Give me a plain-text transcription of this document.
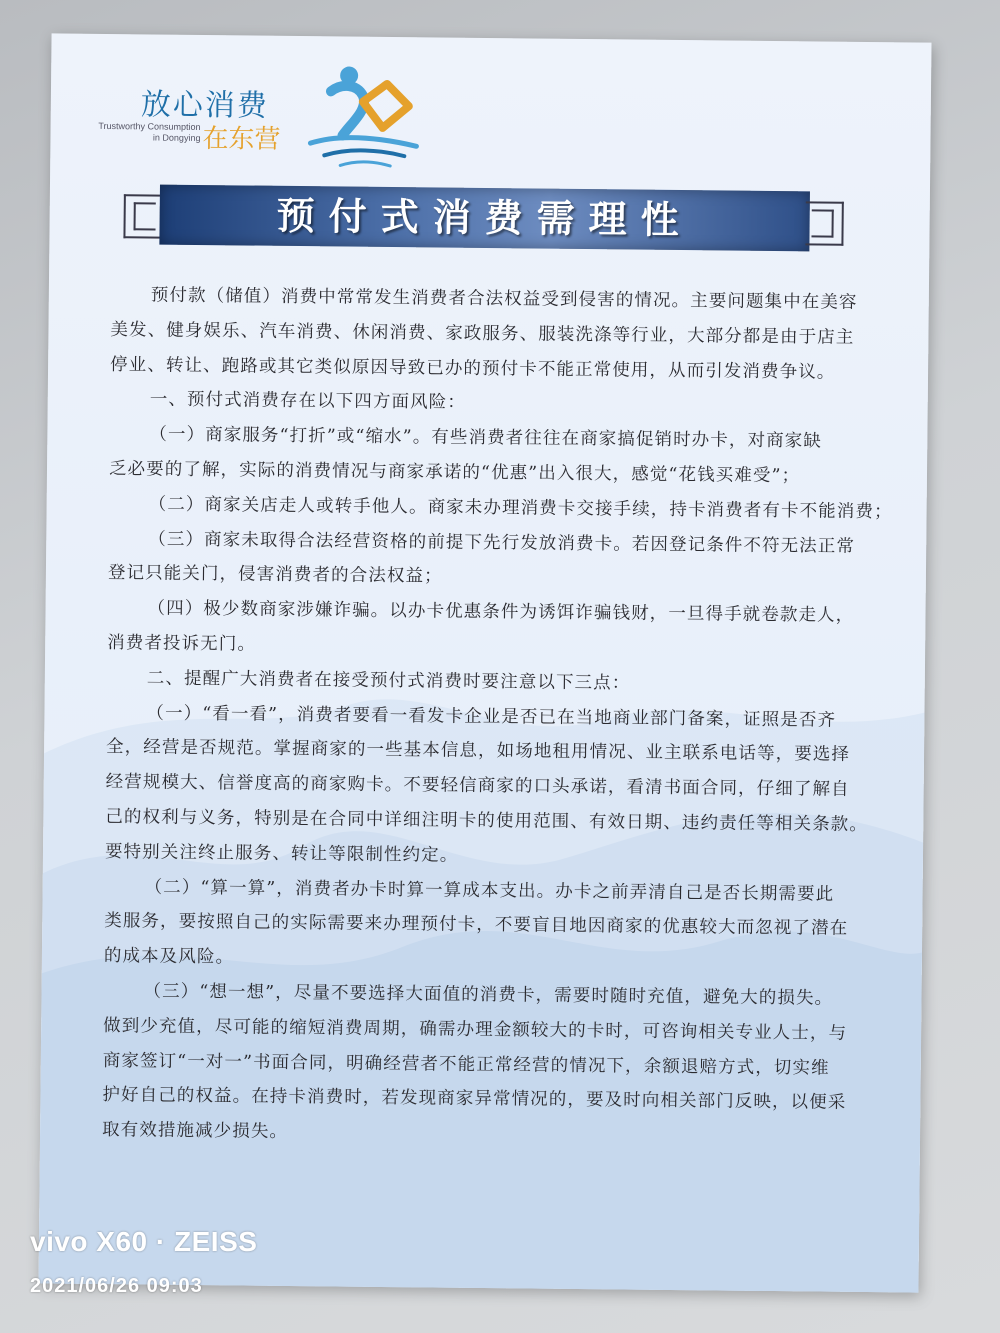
放心消费
Trustworthy Consumption
in Dongying 在东营
预付式消费需理性
预付款（储值）消费中常常发生消费者合法权益受到侵害的情况。主要问题集中在美容
美发、健身娱乐、汽车消费、休闲消费、家政服务、服装洗涤等行业，大部分都是由于店主
停业、转让、跑路或其它类似原因导致已办的预付卡不能正常使用，从而引发消费争议。
一、预付式消费存在以下四方面风险：
（一）商家服务“打折”或“缩水”。有些消费者往往在商家搞促销时办卡，对商家缺
乏必要的了解，实际的消费情况与商家承诺的“优惠”出入很大，感觉“花钱买难受”；
（二）商家关店走人或转手他人。商家未办理消费卡交接手续，持卡消费者有卡不能消费；
（三）商家未取得合法经营资格的前提下先行发放消费卡。若因登记条件不符无法正常
登记只能关门，侵害消费者的合法权益；
（四）极少数商家涉嫌诈骗。以办卡优惠条件为诱饵诈骗钱财，一旦得手就卷款走人，
消费者投诉无门。
二、提醒广大消费者在接受预付式消费时要注意以下三点：
（一）“看一看”，消费者要看一看发卡企业是否已在当地商业部门备案，证照是否齐
全，经营是否规范。掌握商家的一些基本信息，如场地租用情况、业主联系电话等，要选择
经营规模大、信誉度高的商家购卡。不要轻信商家的口头承诺，看清书面合同，仔细了解自
己的权利与义务，特别是在合同中详细注明卡的使用范围、有效日期、违约责任等相关条款。
要特别关注终止服务、转让等限制性约定。
（二）“算一算”，消费者办卡时算一算成本支出。办卡之前弄清自己是否长期需要此
类服务，要按照自己的实际需要来办理预付卡，不要盲目地因商家的优惠较大而忽视了潜在
的成本及风险。
（三）“想一想”，尽量不要选择大面值的消费卡，需要时随时充值，避免大的损失。
做到少充值，尽可能的缩短消费周期，确需办理金额较大的卡时，可咨询相关专业人士，与
商家签订“一对一”书面合同，明确经营者不能正常经营的情况下，余额退赔方式，切实维
护好自己的权益。在持卡消费时，若发现商家异常情况的，要及时向相关部门反映，以便采
取有效措施减少损失。
vivo X60 · ZEISS
2021/06/26 09:03
